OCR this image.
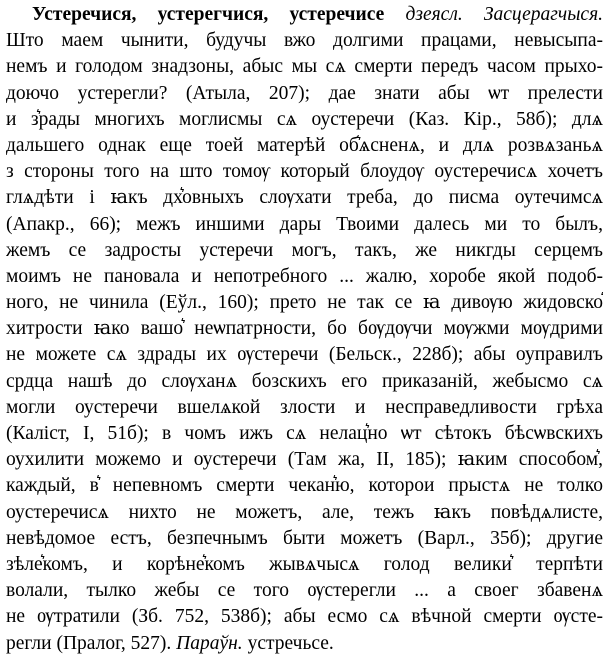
Устеречися, устерегчися, устеречисе дзеясл. Засцерагчыся.
Што маем чынити, будучы вжо долгими працами, невысыпа-
немъ и голодом знадзоны, абыс мы сѧ смерти передъ часом прыхо-
доючо устерегли? (Атыла, 207); дае знати абы ѡт прелести
и з͛рады многихъ моглисмы сѧ оустеречи (Каз. Кір., 58б); длѧ
дальшего однак еще тоей матерѣй об͛ѧсненѧ, и длѧ розвѧзаньѧ
з стороны того на што томѹ который блоудѹ оустеречисѧ хочетъ
глѧдѣти і ꙗкъ дх͛овныхъ слѹхати треба, до писма оутечимсѧ
(Апакр., 66); межъ иншими дары Твоими далесь ми то былъ,
жемъ се задросты устеречи могъ, такъ, же никгды серцемъ
моимъ не пановала и непотребного ... жалю, хоробе якой подоб-
ного, не чинила (Еўл., 160); прето не так се ꙗ дивѹю жидовско͛
хитрости ꙗко вашо͛ неѡпатрности, бо бѹдѹчи мѹжми мѹдрими
не можете сѧ здрады их ѹстеречи (Бельск., 228б); абы оуправилъ
срдца нашѣ до слѹханѧ бозскихъ его приказаній, жебысмо сѧ
могли оустеречи вшелѧкой злости и несправедливости грѣха
(Каліст, I, 51б); в чомъ ижъ сѧ нелац͛но ѡт сѣтокъ бѣсѡвскихъ
оухилити можемо и оустеречи (Там жа, II, 185); ꙗким способом͛,
каждый, в͛ непевномъ смерти чекан͛ю, которои прыстѧ не толко
оустеречисѧ нихто не можетъ, але, тежъ ꙗкъ повѣдѧлисте,
невѣдомое естъ, безпечнымъ быти можетъ (Варл., 35б); другие
зѣле͛комъ, и корѣне͛комъ жывѧчысѧ голод велики͛ терпѣти
волали, тылко жебы се того ѹстерегли ... а своег збавенѧ
не ѹтратили (Зб. 752, 538б); абы есмо сѧ вѣчной смерти ѹсте-
регли (Пралог, 527). Параўн. устречьсе.
